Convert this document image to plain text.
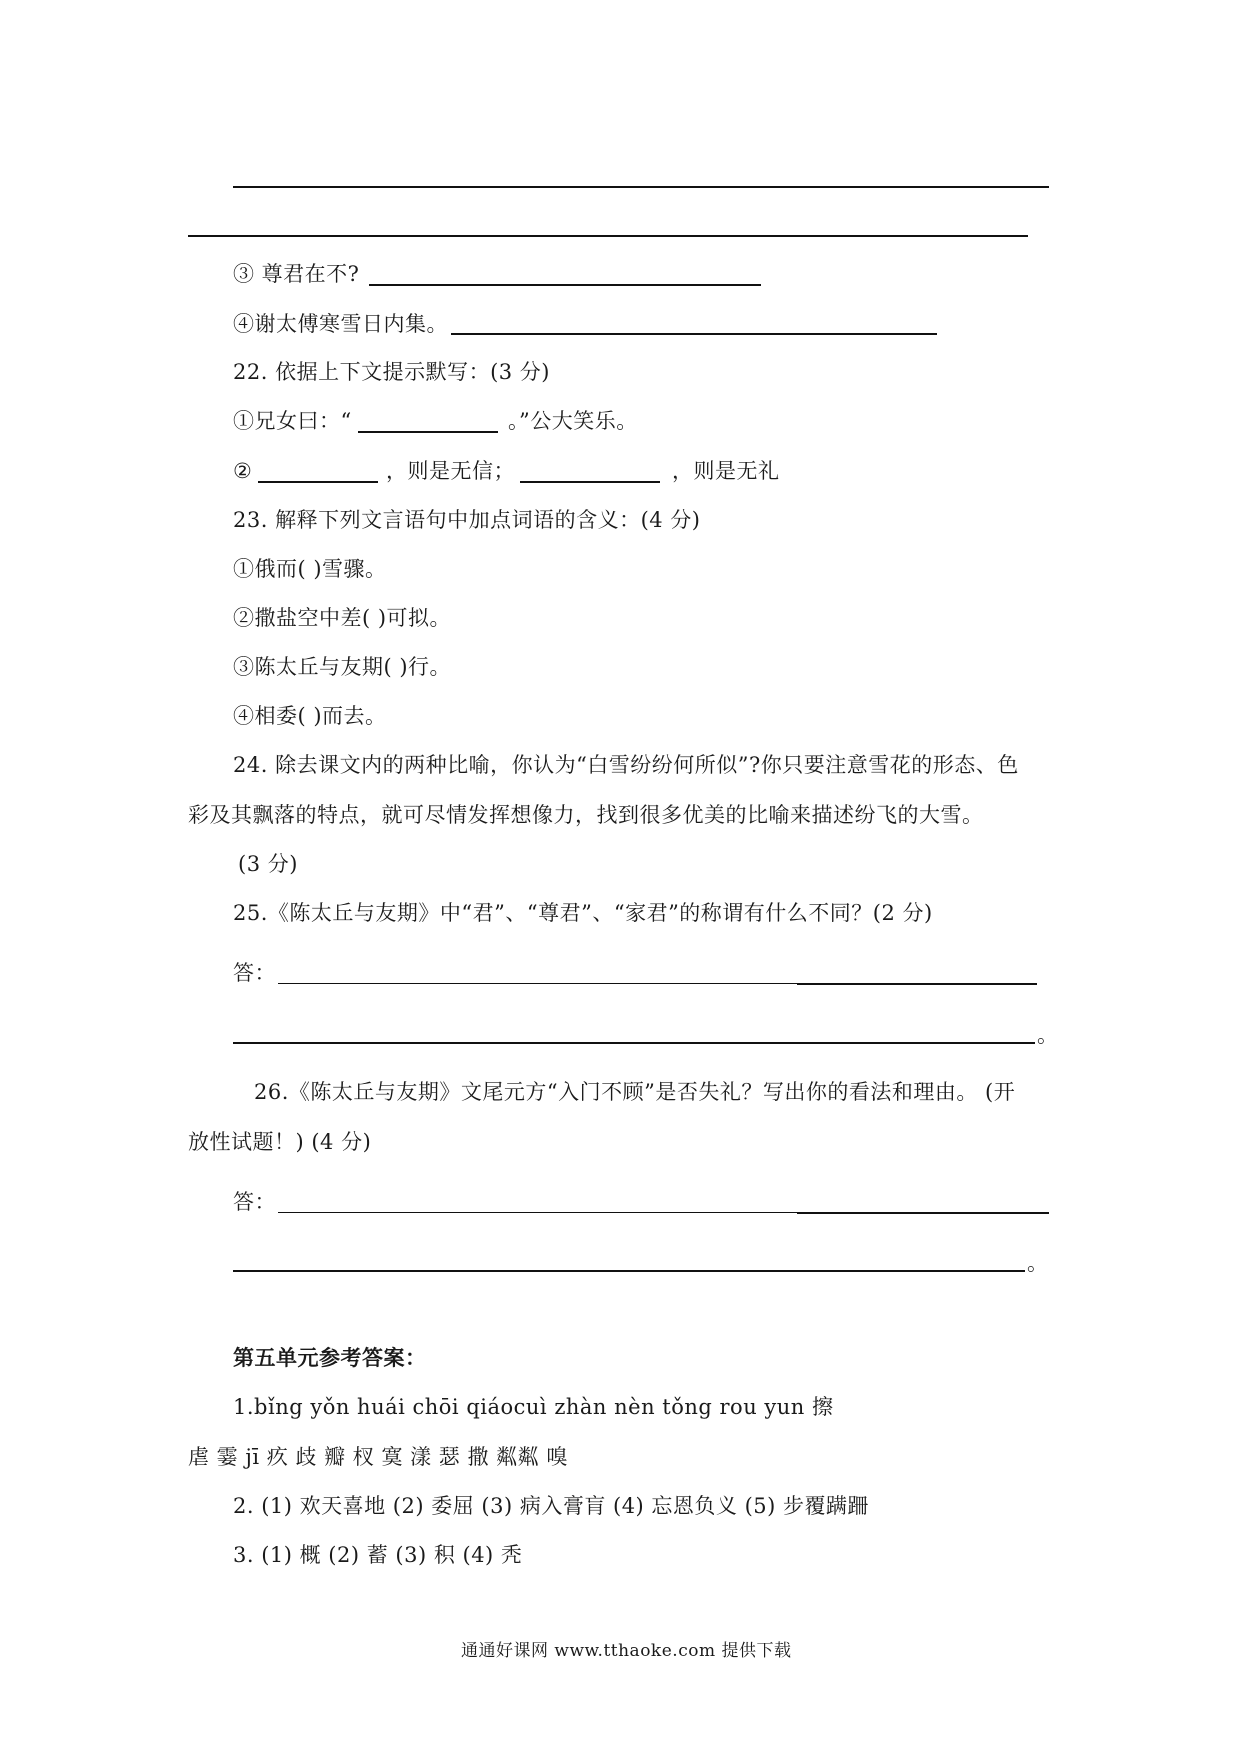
③ 尊君在不?
④谢太傅寒雪日内集。
22. 依据上下文提示默写：(3 分)
①兄女曰：“	。”公大笑乐。
②	，则是无信；	，则是无礼
23. 解释下列文言语句中加点词语的含义：(4 分)
①俄而( )雪骤。
②撒盐空中差( )可拟。
③陈太丘与友期( )行。
④相委( )而去。
24. 除去课文内的两种比喻，你认为“白雪纷纷何所似”?你只要注意雪花的形态、色
彩及其飘落的特点，就可尽情发挥想像力，找到很多优美的比喻来描述纷飞的大雪。
(3 分)
25.《陈太丘与友期》中“君”、“尊君”、“家君”的称谓有什么不同？(2 分)
答：
。
26.《陈太丘与友期》文尾元方“入门不顾”是否失礼？写出你的看法和理由。 (开
放性试题！) (4 分)
答：
。
第五单元参考答案：
1.bǐng yǒn huái chōi qiáocuì zhàn nèn tǒng rou yun 擦
虐 霎 jī 疚 歧 瓣 杈 寞 漾 瑟 撒 粼粼 嗅
2. (1) 欢天喜地 (2) 委屈 (3) 病入膏肓 (4) 忘恩负义 (5) 步覆蹒跚
3. (1) 概 (2) 蓄 (3) 积 (4) 秃
通通好课网 www.tthaoke.com 提供下载
